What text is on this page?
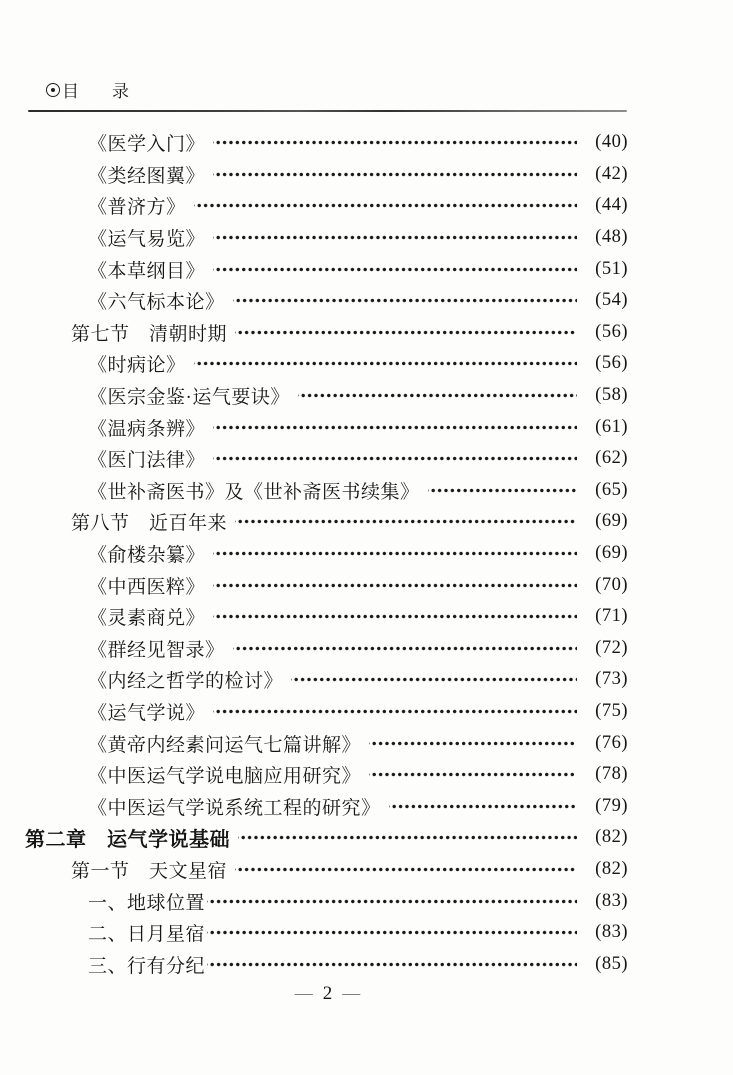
目　录
《医学入门》	(40)
《类经图翼》	(42)
《普济方》	(44)
《运气易览》	(48)
《本草纲目》	(51)
《六气标本论》	(54)
第七节　清朝时期	(56)
《时病论》	(56)
《医宗金鉴·运气要诀》	(58)
《温病条辨》	(61)
《医门法律》	(62)
《世补斋医书》及《世补斋医书续集》	(65)
第八节　近百年来	(69)
《俞楼杂纂》	(69)
《中西医粹》	(70)
《灵素商兑》	(71)
《群经见智录》	(72)
《内经之哲学的检讨》	(73)
《运气学说》	(75)
《黄帝内经素问运气七篇讲解》	(76)
《中医运气学说电脑应用研究》	(78)
《中医运气学说系统工程的研究》	(79)
第二章　运气学说基础	(82)
第一节　天文星宿	(82)
一、地球位置	(83)
二、日月星宿	(83)
三、行有分纪	(85)
— 2 —
